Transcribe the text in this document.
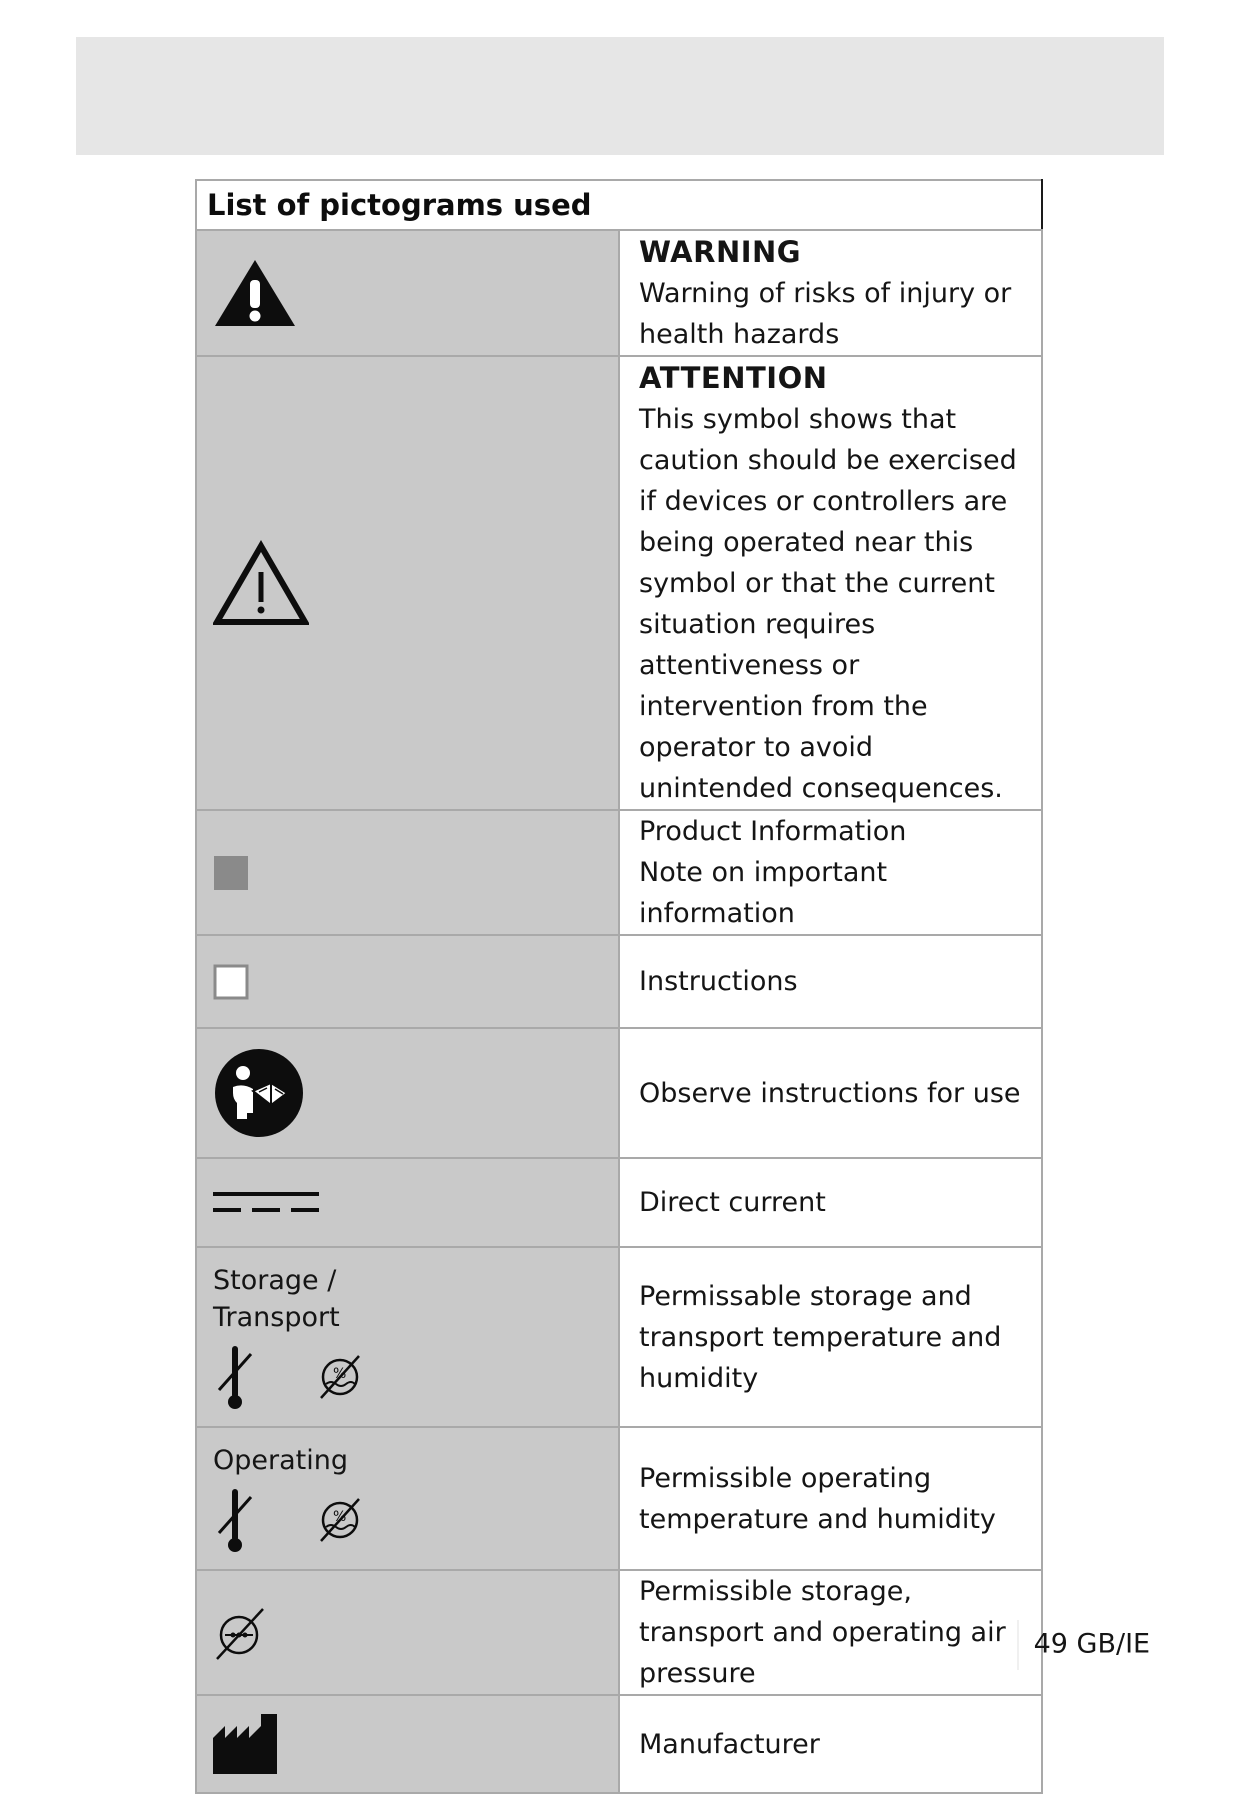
List of pictograms used	

WARNING
Warning of risks of injury or health hazards

ATTENTION
This symbol shows that caution should be exercised if devices or controllers are being operated near this symbol or that the current situation requires attentiveness or intervention from the operator to avoid unintended consequences.

Product Information
Note on important information

	Instructions

	Observe instructions for use

	Direct current

Storage /
Transport
%	Permissable storage and transport temperature and humidity

Operating
%	Permissible operating temperature and humidity

	Permissible storage, transport and operating air pressure

	Manufacturer
49 GB/IE
